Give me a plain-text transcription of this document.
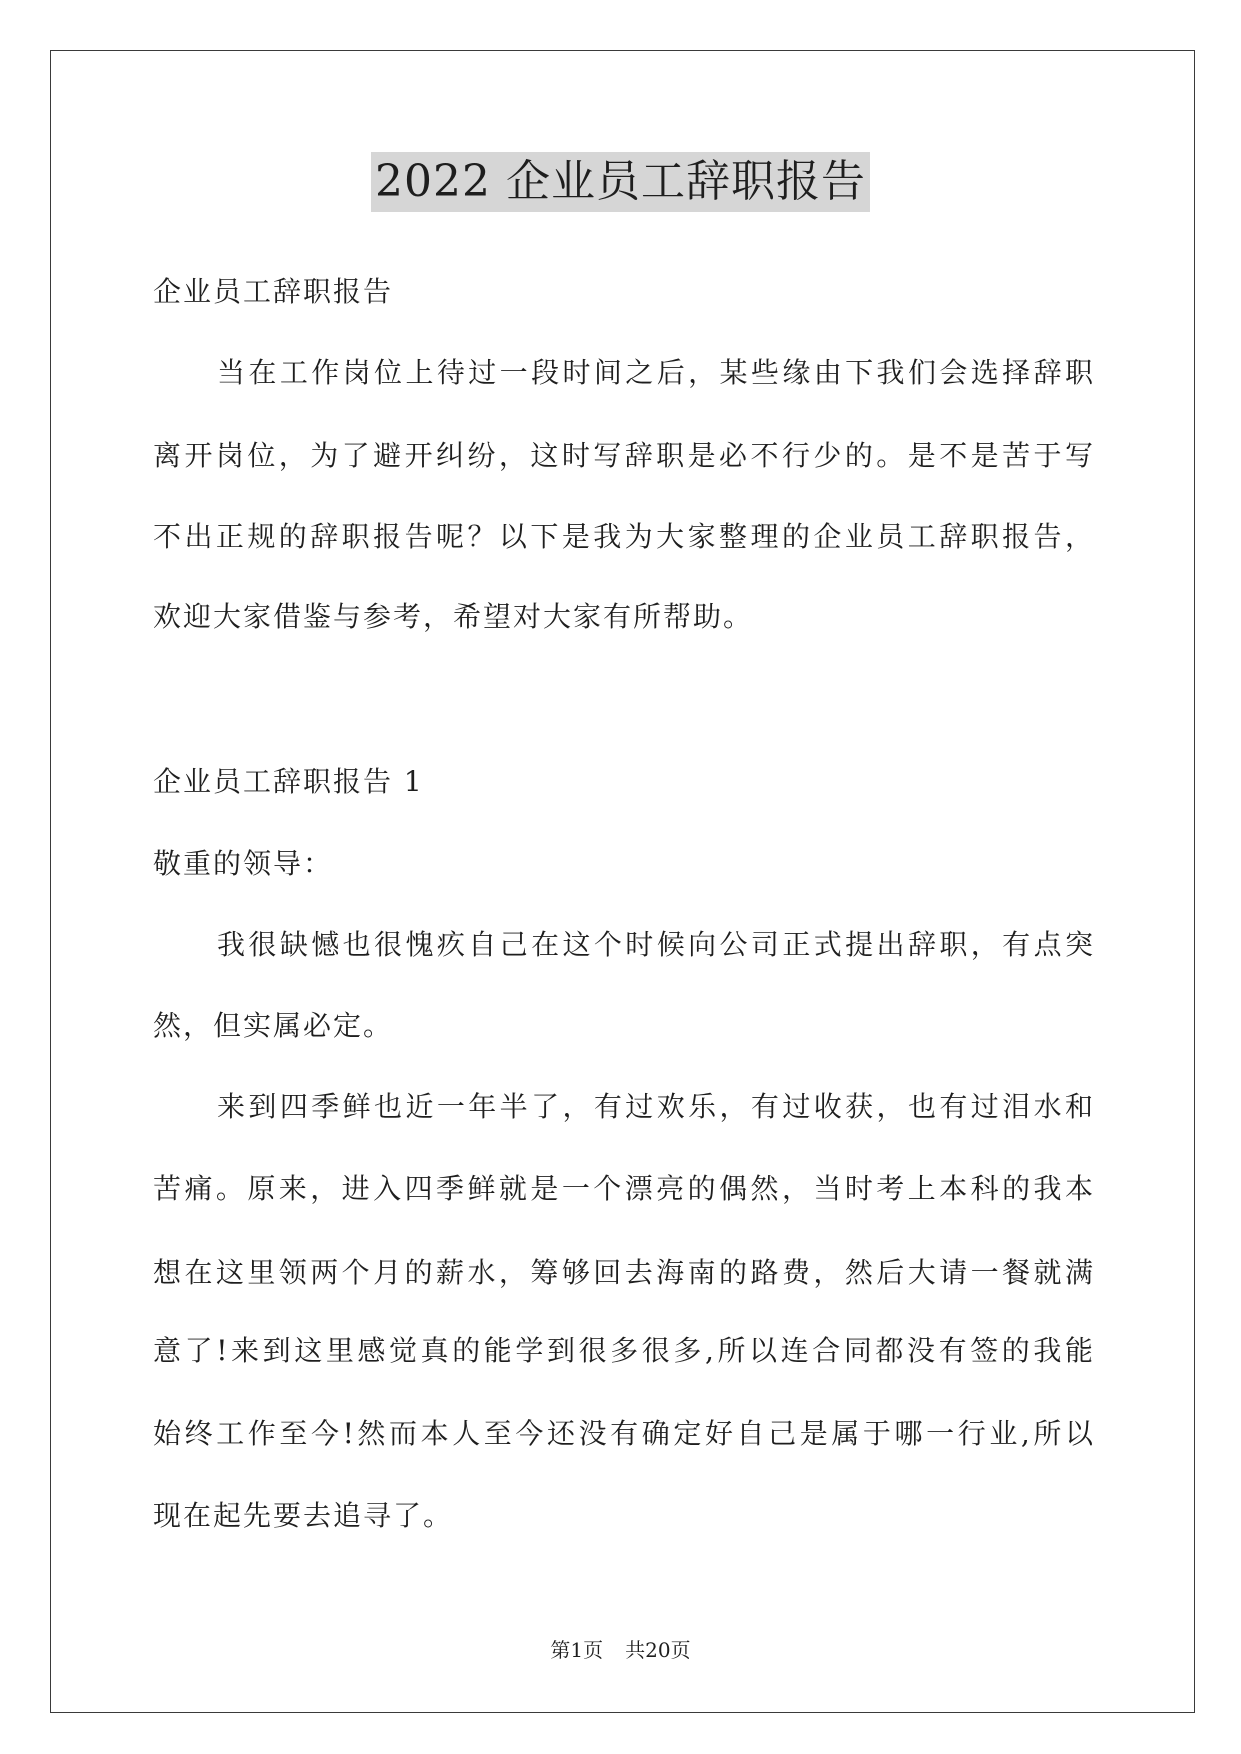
2022 企业员工辞职报告
企业员工辞职报告
当在工作岗位上待过一段时间之后，某些缘由下我们会选择辞职
离开岗位，为了避开纠纷，这时写辞职是必不行少的。是不是苦于写
不出正规的辞职报告呢？以下是我为大家整理的企业员工辞职报告，
欢迎大家借鉴与参考，希望对大家有所帮助。
企业员工辞职报告 1
敬重的领导：
我很缺憾也很愧疚自己在这个时候向公司正式提出辞职，有点突
然，但实属必定。
来到四季鲜也近一年半了，有过欢乐，有过收获，也有过泪水和
苦痛。原来，进入四季鲜就是一个漂亮的偶然，当时考上本科的我本
想在这里领两个月的薪水，筹够回去海南的路费，然后大请一餐就满
意了!来到这里感觉真的能学到很多很多,所以连合同都没有签的我能
始终工作至今!然而本人至今还没有确定好自己是属于哪一行业,所以
现在起先要去追寻了。
第1页 共20页
